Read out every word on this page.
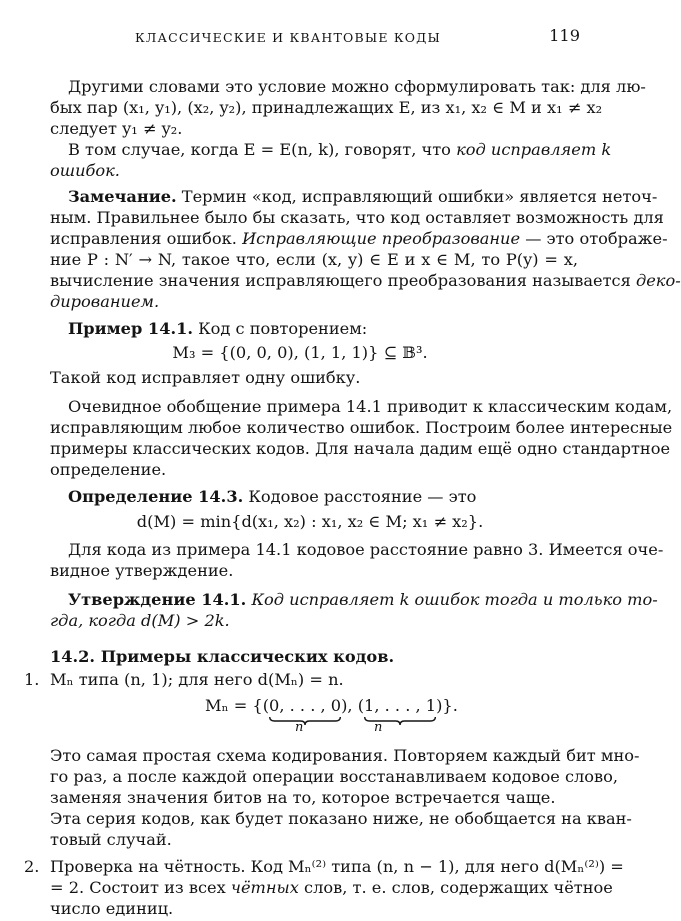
КЛАССИЧЕСКИЕ И КВАНТОВЫЕ КОДЫ	119
Другими словами это условие можно сформулировать так: для лю-
бых пар (x₁, y₁), (x₂, y₂), принадлежащих E, из x₁, x₂ ∈ M и x₁ ≠ x₂
следует y₁ ≠ y₂.
В том случае, когда E = E(n, k), говорят, что код исправляет k
ошибок.
Замечание. Термин «код, исправляющий ошибки» является неточ-
ным. Правильнее было бы сказать, что код оставляет возможность для
исправления ошибок. Исправляющие преобразование — это отображе-
ние P : N′ → N, такое что, если (x, y) ∈ E и x ∈ M, то P(y) = x,
вычисление значения исправляющего преобразования называется деко-
дированием.
Пример 14.1. Код с повторением:
M₃ = {(0, 0, 0), (1, 1, 1)} ⊆ 𝔹³.
Такой код исправляет одну ошибку.
Очевидное обобщение примера 14.1 приводит к классическим кодам,
исправляющим любое количество ошибок. Построим более интересные
примеры классических кодов. Для начала дадим ещё одно стандартное
определение.
Определение 14.3. Кодовое расстояние — это
d(M) = min{d(x₁, x₂) : x₁, x₂ ∈ M; x₁ ≠ x₂}.
Для кода из примера 14.1 кодовое расстояние равно 3. Имеется оче-
видное утверждение.
Утверждение 14.1. Код исправляет k ошибок тогда и только то-
гда, когда d(M) > 2k.
14.2. Примеры классических кодов.
1. Mₙ типа (n, 1); для него d(Mₙ) = n.
Mₙ = {(0, . . . , 0
), (1, . . . , 1
)}.
n	n
Это самая простая схема кодирования. Повторяем каждый бит мно-
го раз, а после каждой операции восстанавливаем кодовое слово,
заменяя значения битов на то, которое встречается чаще.
Эта серия кодов, как будет показано ниже, не обобщается на кван-
товый случай.
2. Проверка на чётность. Код Mₙ⁽²⁾ типа (n, n − 1), для него d(Mₙ⁽²⁾) =
= 2. Состоит из всех чётных слов, т. е. слов, содержащих чётное
число единиц.
